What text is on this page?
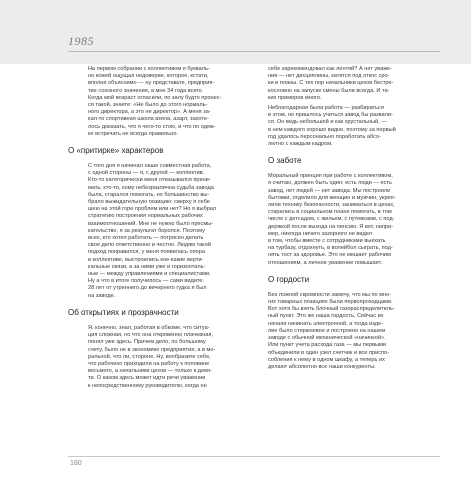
1985

На первом собрании с коллективом я букваль-
но кожей ощущал недоверие, которое, кстати,
вполне объяснимо — ну представьте, предприя-
тие союзного значения, а мне 34 года всего.
Когда мой возраст огласили, по залу будто пронес-
ся такой, знаете: «Не было до этого нормаль-
ного директора, а это не директор». А меня за-
кал-то спортивная школа взяла, азарт, захоте-
лось доказать, что я чего-то стою, и что по одеж-
ке встречать не всегда правильно.

О «притирке» характеров

С того дня я начинал наше совместная работа,
с одной стороны — я, с другой — коллектив.
Кто-то категорически меня отказывался прини-
мать, кто-то, кому небезразлична судьба завода
была, старался помогать, но большинство вы-
брало выжидательную позицию: сверху я себе
шею на этой горе проблем или нет? Но я выбрал
стратегию построения нормальных рабочих
взаимоотношений. Мне не нужно было пресмы-
кательство, я за результат боролся. Поэтому
всех, кто хотел работать — потрясен делать
свое дело ответственно и честно. Людям такой
подход понравился, у меня появилась опора
в коллективе, выстроились кое-какие верти-
кальные связи, а за ними уже и горизонталь-
ные — между управлениями и специалистами.
Ну а что в итоге получилось — сами видите.
28 лет от утреннего до вечернего гудка я был
на заводе.

Об открытиях и прозрачности

Я, конечно, знал, работая в обкоме, что ситуа-
ция сложная, но что она откровенно плачевная,
понял уже здесь. Причем дело, по большому
счету, было не в экономике предприятия, а в мо-
ральной, что ли, стороне. Ну, вообразите себе,
что рабочихо приходили на работу к половине
восьмого, а начальники цехов — только к девя-
ти. О каком здесь может идти речи уважении
к непосредственному руководителю, когда он

себе зарекомендовал как лентяй? А нет уваже-
ния — нет дисциплины, катятся под откос сро-
ки и планы. С тех пор начальники цехов бестре-
кословно на запуске смены были всегда. И та-
ких примеров много.

Неблагодарная была работа — разбираться
в этом, но пришлось учиться завод бы развали-
ся. Он ведь небольшой и как хрустальный, —
в нем каждого хорошо видно, поэтому за первый
год удалось персонально поработать абсо-
лютно с каждым кадром.

О заботе

Моральный принцип при работе с коллективом,
я считаю, должен быть один: есть люди — есть
завод, нет людей — нет завода. Мы построили
бытовки, отделило для женщин и мужчин, укреп-
лили технику безопасности, заниматься в цехах,
старались в социальном плане помогать, в том
числе с детсадом, с жильем, с путевками, с под-
держкой после выхода на пенсию. Я вот, напри-
мер, никогда ничего зазорного не видел
в том, чтобы вместе с сотрудниками выехать
на турбазу, отдохнуть, в волейбол сыграть, под-
нять тост за здоровье. Это не мешает рабочим
отношениям, а личное уважение повышает.

О гордости

Без ложной скромности замечу, что мы по мно-
гих товарных позициях были первопроходцами.
Вот хотя бы взять блочный газораспределитель-
ный пункт. Это же наша гордость. Сейчас их
начали начинать электронной, а тогда изде-
лие было стержневое и построено на нашем
заводе с обычной механической «начинкой».
Или пункт учета расхода газа — мы первыми
объединили в один узел счетчик и все приспо-
собления к нему в одном шкафу, а теперь их
делают абсолютно все наши конкуренты.

180
